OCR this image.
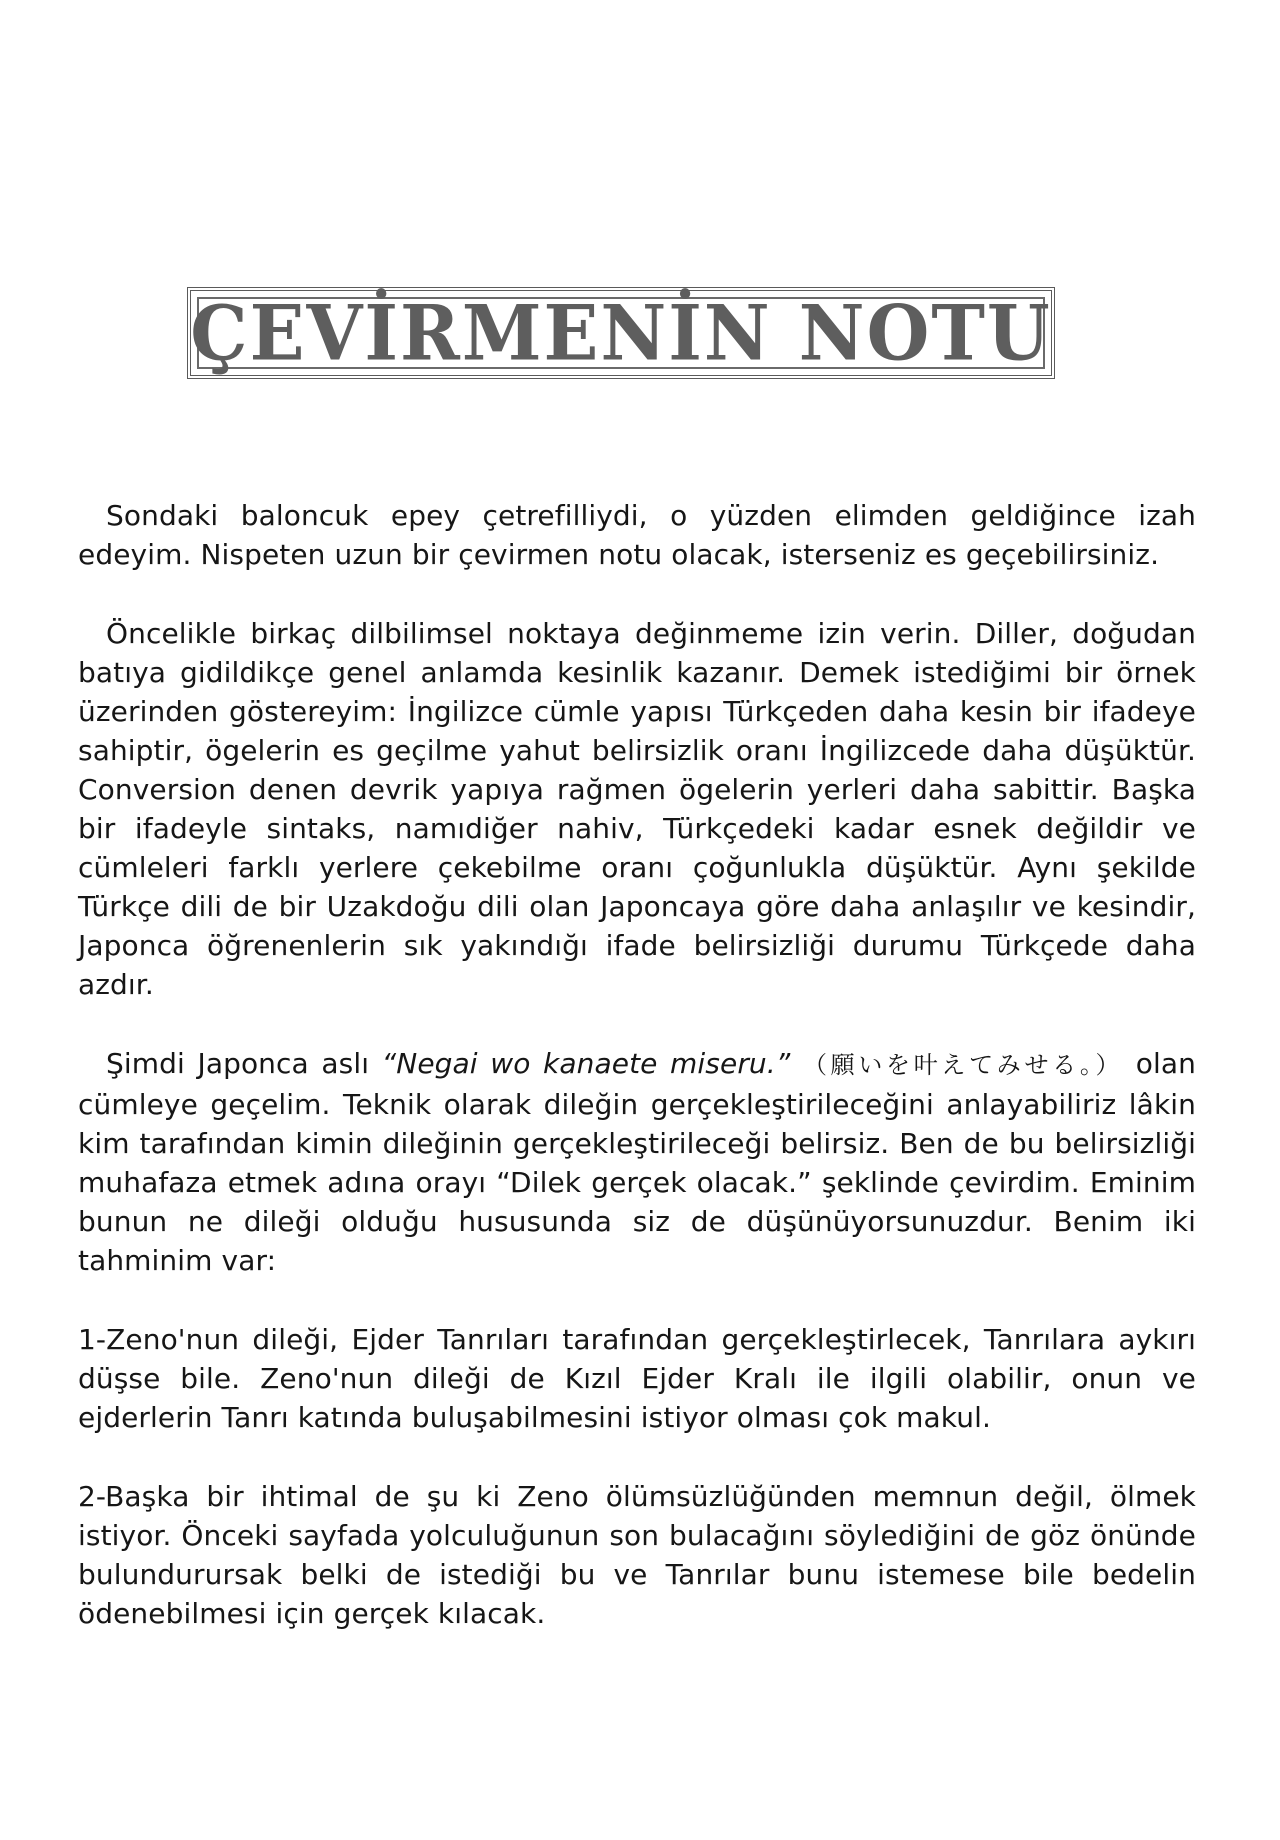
ÇEVİRMENİN NOTU

Sondaki baloncuk epey çetrefilliydi, o yüzden elimden geldiğince izah edeyim. Nispeten uzun bir çevirmen notu olacak, isterseniz es geçebilirsiniz.

Öncelikle birkaç dilbilimsel noktaya değinmeme izin verin. Diller, doğudan batıya gidildikçe genel anlamda kesinlik kazanır. Demek istediğimi bir örnek üzerinden göstereyim: İngilizce cümle yapısı Türkçeden daha kesin bir ifadeye sahiptir, ögelerin es geçilme yahut belirsizlik oranı İngilizcede daha düşüktür. Conversion denen devrik yapıya rağmen ögelerin yerleri daha sabittir. Başka bir ifadeyle sintaks, namıdiğer nahiv, Türkçedeki kadar esnek değildir ve cümleleri farklı yerlere çekebilme oranı çoğunlukla düşüktür. Aynı şekilde Türkçe dili de bir Uzakdoğu dili olan Japoncaya göre daha anlaşılır ve kesindir, Japonca öğrenenlerin sık yakındığı ifade belirsizliği durumu Türkçede daha azdır.

Şimdi Japonca aslı “Negai wo kanaete miseru.” （願いを叶えてみせる。） olan cümleye geçelim. Teknik olarak dileğin gerçekleştirileceğini anlayabiliriz lâkin kim tarafından kimin dileğinin gerçekleştirileceği belirsiz. Ben de bu belirsizliği muhafaza etmek adına orayı “Dilek gerçek olacak.” şeklinde çevirdim. Eminim bunun ne dileği olduğu hususunda siz de düşünüyorsunuzdur. Benim iki tahminim var:

1-Zeno'nun dileği, Ejder Tanrıları tarafından gerçekleştirlecek, Tanrılara aykırı düşse bile. Zeno'nun dileği de Kızıl Ejder Kralı ile ilgili olabilir, onun ve ejderlerin Tanrı katında buluşabilmesini istiyor olması çok makul.

2-Başka bir ihtimal de şu ki Zeno ölümsüzlüğünden memnun değil, ölmek istiyor. Önceki sayfada yolculuğunun son bulacağını söylediğini de göz önünde bulundurursak belki de istediği bu ve Tanrılar bunu istemese bile bedelin ödenebilmesi için gerçek kılacak.
